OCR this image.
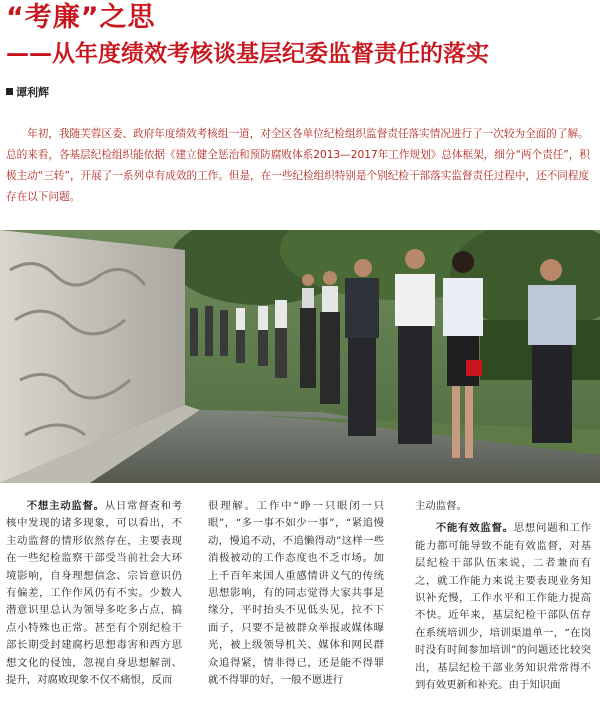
“考廉”之思
——从年度绩效考核谈基层纪委监督责任的落实
谭利辉

年初，我随芙蓉区委、政府年度绩效考核组一道，对全区各单位纪检组织监督责任落实情况进行了一次较为全面的了解。总的来看，各基层纪检组织能依据《建立健全惩治和预防腐败体系2013—2017年工作规划》总体框架，细分“两个责任”，积极主动“三转”，开展了一系列卓有成效的工作。但是，在一些纪检组织特别是个别纪检干部落实监督责任过程中，还不同程度存在以下问题。

不想主动监督。从日常督查和考核中发现的诸多现象，可以看出，不主动监督的情形依然存在，主要表现在一些纪检监察干部受当前社会大环境影响，自身理想信念、宗旨意识仍有偏差，工作作风仍有不实。少数人潜意识里总认为领导多吃多占点，搞点小特殊也正常。甚至有个别纪检干部长期受封建腐朽思想毒害和西方思想文化的侵蚀，忽视自身思想解剖、提升，对腐败现象不仅不痛恨，反而

很理解。工作中“睁一只眼闭一只眼”，“多一事不如少一事”，“紧追慢动，慢追不动，不追懒得动”这样一些消极被动的工作态度也不乏市场。加上千百年来国人重感情讲义气的传统思想影响，有的同志觉得大家共事是缘分，平时抬头不见低头见，拉不下面子，只要不是被群众举报或媒体曝光，被上级领导机关、媒体和网民群众追得紧，情非得已，还是能不得罪就不得罪的好，一般不愿进行

主动监督。

不能有效监督。思想问题和工作能力都可能导致不能有效监督，对基层纪检干部队伍来说，二者兼而有之，就工作能力来说主要表现业务知识补充慢，工作水平和工作能力提高不快。近年来，基层纪检干部队伍存在系统培训少，培训渠道单一，“在岗时没有时间参加培训”的问题还比较突出，基层纪检干部业务知识常常得不到有效更新和补充。由于知识面
